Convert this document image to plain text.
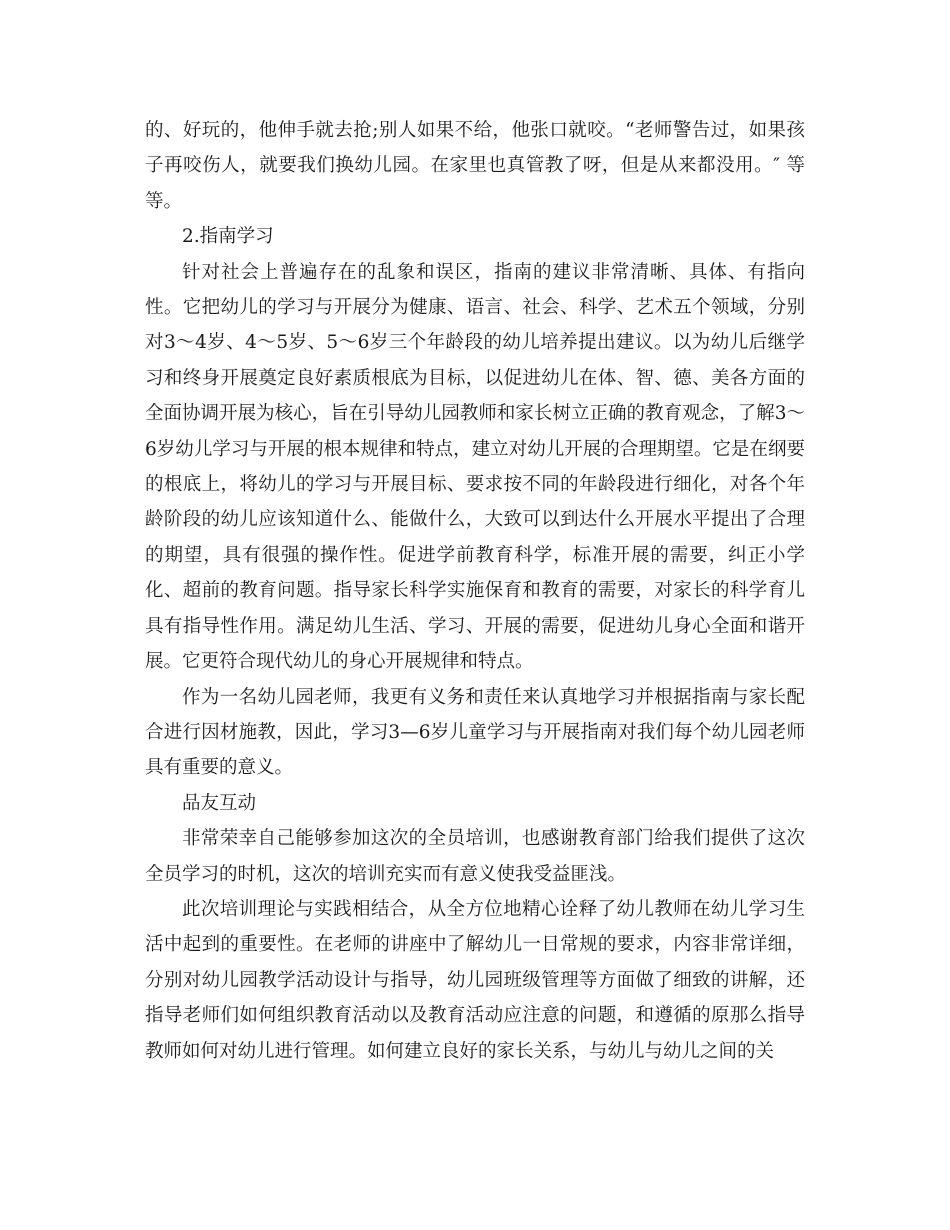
的、好玩的，他伸手就去抢;别人如果不给，他张口就咬。“老师警告过，如果孩子再咬伤人，就要我们换幼儿园。在家里也真管教了呀，但是从来都没用。″ 等等。

2.指南学习

针对社会上普遍存在的乱象和误区，指南的建议非常清晰、具体、有指向性。它把幼儿的学习与开展分为健康、语言、社会、科学、艺术五个领域，分别对3～4岁、4～5岁、5～6岁三个年龄段的幼儿培养提出建议。以为幼儿后继学习和终身开展奠定良好素质根底为目标，以促进幼儿在体、智、德、美各方面的全面协调开展为核心，旨在引导幼儿园教师和家长树立正确的教育观念，了解3～6岁幼儿学习与开展的根本规律和特点，建立对幼儿开展的合理期望。它是在纲要的根底上，将幼儿的学习与开展目标、要求按不同的年龄段进行细化，对各个年龄阶段的幼儿应该知道什么、能做什么，大致可以到达什么开展水平提出了合理的期望，具有很强的操作性。促进学前教育科学，标准开展的需要，纠正小学化、超前的教育问题。指导家长科学实施保育和教育的需要，对家长的科学育儿具有指导性作用。满足幼儿生活、学习、开展的需要，促进幼儿身心全面和谐开展。它更符合现代幼儿的身心开展规律和特点。

作为一名幼儿园老师，我更有义务和责任来认真地学习并根据指南与家长配合进行因材施教，因此，学习3—6岁儿童学习与开展指南对我们每个幼儿园老师具有重要的意义。

品友互动

非常荣幸自己能够参加这次的全员培训，也感谢教育部门给我们提供了这次全员学习的时机，这次的培训充实而有意义使我受益匪浅。

此次培训理论与实践相结合，从全方位地精心诠释了幼儿教师在幼儿学习生活中起到的重要性。在老师的讲座中了解幼儿一日常规的要求，内容非常详细，分别对幼儿园教学活动设计与指导，幼儿园班级管理等方面做了细致的讲解，还指导老师们如何组织教育活动以及教育活动应注意的问题，和遵循的原那么指导教师如何对幼儿进行管理。如何建立良好的家长关系，与幼儿与幼儿之间的关
